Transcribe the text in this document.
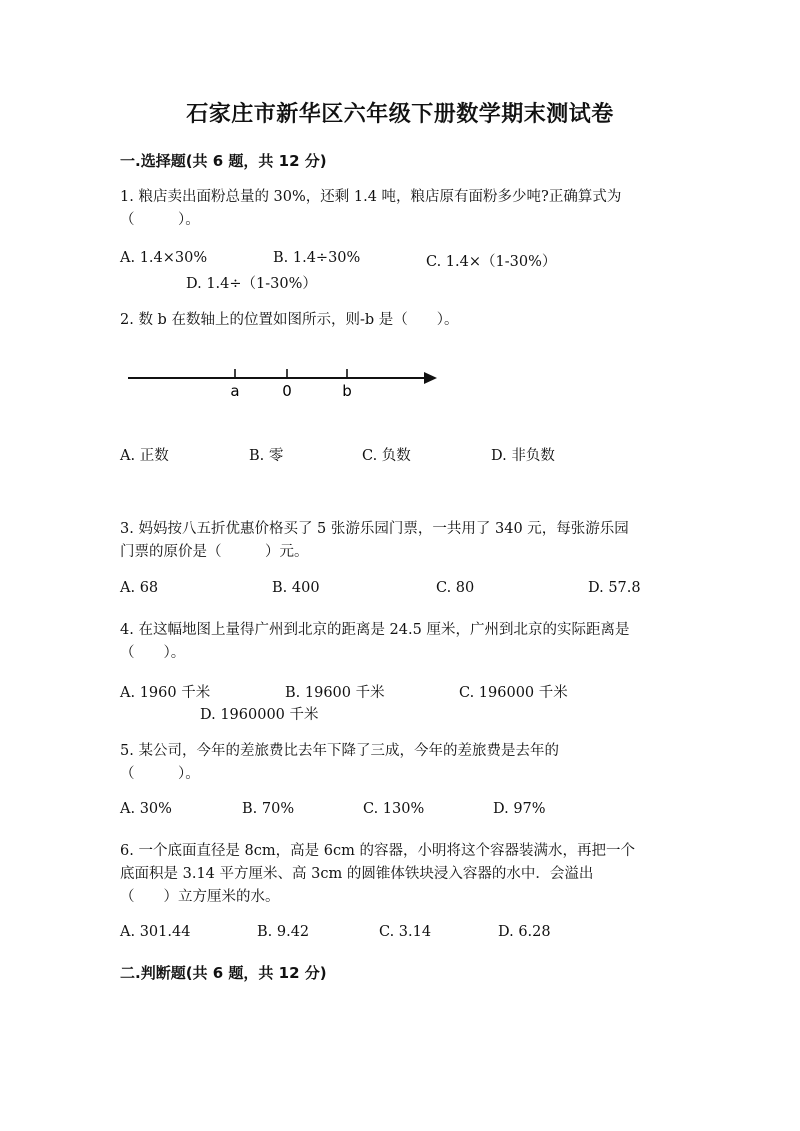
石家庄市新华区六年级下册数学期末测试卷
一.选择题(共 6 题，共 12 分)
1. 粮店卖出面粉总量的 30%，还剩 1.4 吨，粮店原有面粉多少吨?正确算式为
（　　　）。
A. 1.4×30%	B. 1.4÷30%	C. 1.4×（1-30%）
D. 1.4÷（1-30%）
2. 数 b 在数轴上的位置如图所示，则-b 是（　　）。
a	0	b
A. 正数	B. 零	C. 负数	D. 非负数
3. 妈妈按八五折优惠价格买了 5 张游乐园门票，一共用了 340 元，每张游乐园
门票的原价是（　　　）元。
A. 68	B. 400	C. 80	D. 57.8
4. 在这幅地图上量得广州到北京的距离是 24.5 厘米，广州到北京的实际距离是
（　　）。
A. 1960 千米	B. 19600 千米	C. 196000 千米
D. 1960000 千米
5. 某公司，今年的差旅费比去年下降了三成，今年的差旅费是去年的
（　　　）。
A. 30%	B. 70%	C. 130%	D. 97%
6. 一个底面直径是 8cm，高是 6cm 的容器，小明将这个容器装满水，再把一个
底面积是 3.14 平方厘米、高 3cm 的圆锥体铁块浸入容器的水中．会溢出
（　　）立方厘米的水。
A. 301.44	B. 9.42	C. 3.14	D. 6.28
二.判断题(共 6 题，共 12 分)
